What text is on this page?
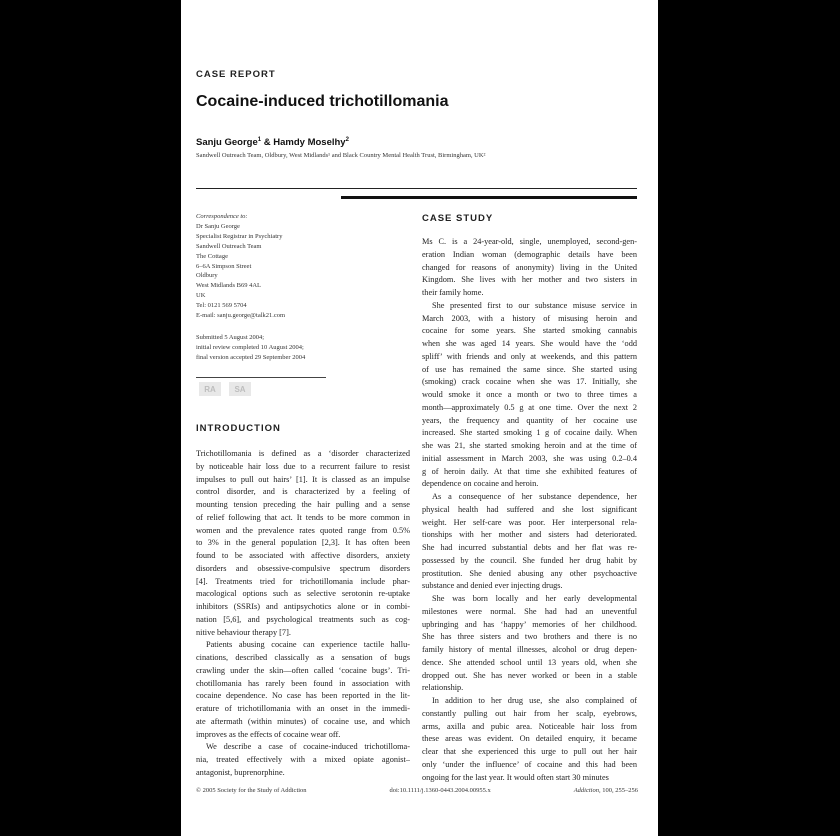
CASE REPORT
Cocaine-induced trichotillomania
Sanju George$^1$ & Hamdy Moselhy$^2$
Sandwell Outreach Team, Oldbury, West Midlands¹ and Black Country Mental Health Trust, Birmingham, UK²
Correspondence to:
Dr Sanju George
Specialist Registrar in Psychiatry
Sandwell Outreach Team
The Cottage
6–6A Simpson Street
Oldbury
West Midlands B69 4AL
UK
Tel: 0121 569 5704
E-mail: sanju.george@talk21.com
Submitted 5 August 2004;
initial review completed 10 August 2004;
final version accepted 29 September 2004
RA	SA
INTRODUCTION
Trichotillomania is defined as a ‘disorder characterized
by noticeable hair loss due to a recurrent failure to resist
impulses to pull out hairs’ [1]. It is classed as an impulse
control disorder, and is characterized by a feeling of
mounting tension preceding the hair pulling and a sense
of relief following that act. It tends to be more common in
women and the prevalence rates quoted range from 0.5%
to 3% in the general population [2,3]. It has often been
found to be associated with affective disorders, anxiety
disorders and obsessive-compulsive spectrum disorders
[4]. Treatments tried for trichotillomania include phar-
macological options such as selective serotonin re-uptake
inhibitors (SSRIs) and antipsychotics alone or in combi-
nation [5,6], and psychological treatments such as cog-
nitive behaviour therapy [7].
Patients abusing cocaine can experience tactile hallu-
cinations, described classically as a sensation of bugs
crawling under the skin—often called ‘cocaine bugs’. Tri-
chotillomania has rarely been found in association with
cocaine dependence. No case has been reported in the lit-
erature of trichotillomania with an onset in the immedi-
ate aftermath (within minutes) of cocaine use, and which
improves as the effects of cocaine wear off.
We describe a case of cocaine-induced trichotilloma-
nia, treated effectively with a mixed opiate agonist–
antagonist, buprenorphine.
CASE STUDY
Ms C. is a 24-year-old, single, unemployed, second-gen-
eration Indian woman (demographic details have been
changed for reasons of anonymity) living in the United
Kingdom. She lives with her mother and two sisters in
their family home.
She presented first to our substance misuse service in
March 2003, with a history of misusing heroin and
cocaine for some years. She started smoking cannabis
when she was aged 14 years. She would have the ‘odd
spliff’ with friends and only at weekends, and this pattern
of use has remained the same since. She started using
(smoking) crack cocaine when she was 17. Initially, she
would smoke it once a month or two to three times a
month—approximately 0.5 g at one time. Over the next 2
years, the frequency and quantity of her cocaine use
increased. She started smoking 1 g of cocaine daily. When
she was 21, she started smoking heroin and at the time of
initial assessment in March 2003, she was using 0.2–0.4
g of heroin daily. At that time she exhibited features of
dependence on cocaine and heroin.
As a consequence of her substance dependence, her
physical health had suffered and she lost significant
weight. Her self-care was poor. Her interpersonal rela-
tionships with her mother and sisters had deteriorated.
She had incurred substantial debts and her flat was re-
possessed by the council. She funded her drug habit by
prostitution. She denied abusing any other psychoactive
substance and denied ever injecting drugs.
She was born locally and her early developmental
milestones were normal. She had had an uneventful
upbringing and has ‘happy’ memories of her childhood.
She has three sisters and two brothers and there is no
family history of mental illnesses, alcohol or drug depen-
dence. She attended school until 13 years old, when she
dropped out. She has never worked or been in a stable
relationship.
In addition to her drug use, she also complained of
constantly pulling out hair from her scalp, eyebrows,
arms, axilla and pubic area. Noticeable hair loss from
these areas was evident. On detailed enquiry, it became
clear that she experienced this urge to pull out her hair
only ‘under the influence’ of cocaine and this had been
ongoing for the last year. It would often start 30 minutes
© 2005 Society for the Study of Addiction	doi:10.1111/j.1360-0443.2004.00955.x	Addiction, 100, 255–256
